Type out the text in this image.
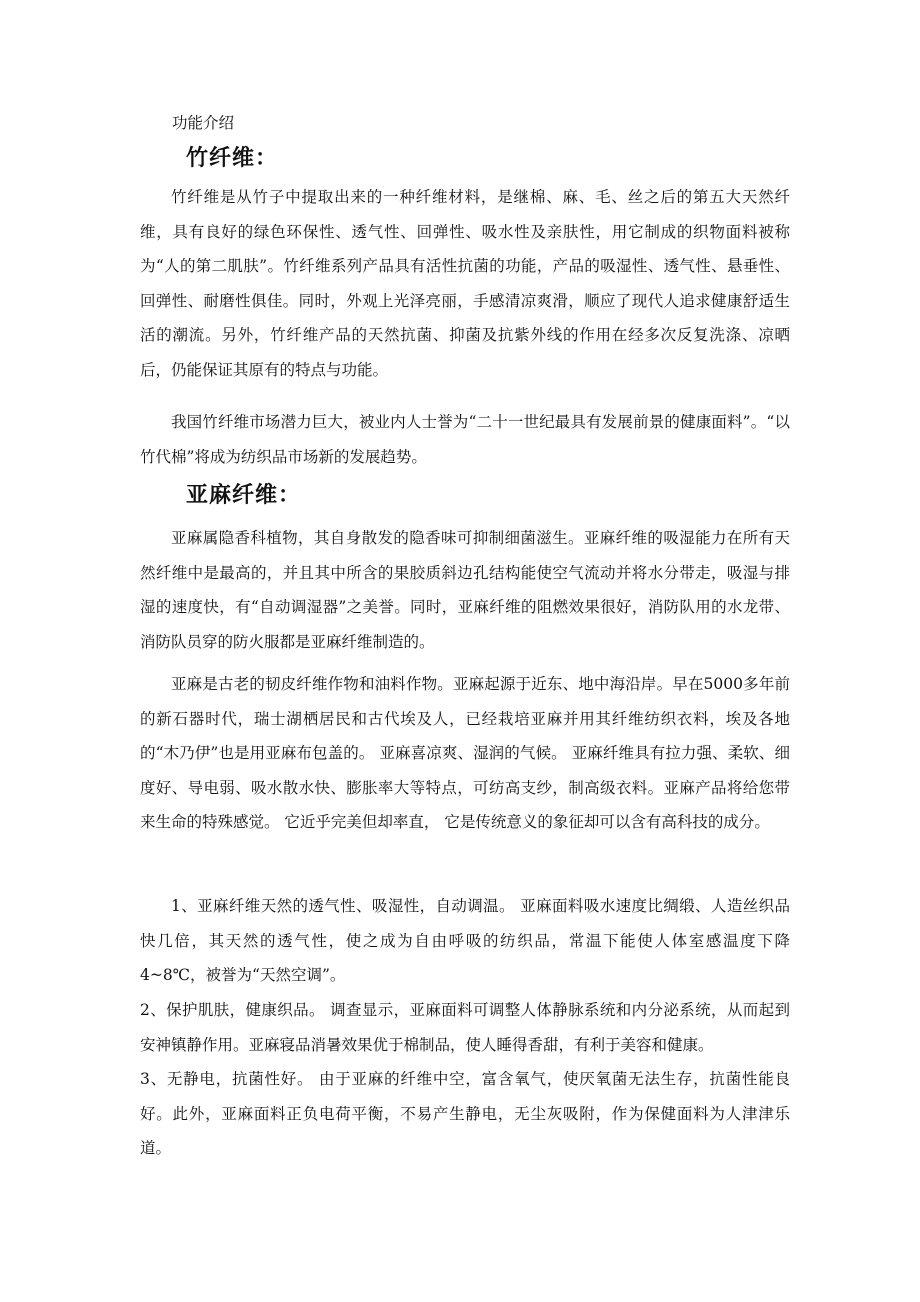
功能介绍
竹纤维：

竹纤维是从竹子中提取出来的一种纤维材料，是继棉、麻、毛、丝之后的第五大天然纤维，具有良好的绿色环保性、透气性、回弹性、吸水性及亲肤性，用它制成的织物面料被称为“人的第二肌肤”。竹纤维系列产品具有活性抗菌的功能，产品的吸湿性、透气性、悬垂性、回弹性、耐磨性俱佳。同时，外观上光泽亮丽，手感清凉爽滑，顺应了现代人追求健康舒适生活的潮流。另外，竹纤维产品的天然抗菌、抑菌及抗紫外线的作用在经多次反复洗涤、凉晒后，仍能保证其原有的特点与功能。

我国竹纤维市场潜力巨大，被业内人士誉为“二十一世纪最具有发展前景的健康面料”。“以竹代棉”将成为纺织品市场新的发展趋势。

亚麻纤维：

亚麻属隐香科植物，其自身散发的隐香味可抑制细菌滋生。亚麻纤维的吸湿能力在所有天然纤维中是最高的，并且其中所含的果胶质斜边孔结构能使空气流动并将水分带走，吸湿与排湿的速度快，有“自动调湿器”之美誉。同时，亚麻纤维的阻燃效果很好，消防队用的水龙带、消防队员穿的防火服都是亚麻纤维制造的。

亚麻是古老的韧皮纤维作物和油料作物。亚麻起源于近东、地中海沿岸。早在5000多年前的新石器时代，瑞士湖栖居民和古代埃及人，已经栽培亚麻并用其纤维纺织衣料，埃及各地的“木乃伊”也是用亚麻布包盖的。 亚麻喜凉爽、湿润的气候。 亚麻纤维具有拉力强、柔软、细度好、导电弱、吸水散水快、膨胀率大等特点，可纺高支纱，制高级衣料。亚麻产品将给您带来生命的特殊感觉。 它近乎完美但却率直， 它是传统意义的象征却可以含有高科技的成分。

1、亚麻纤维天然的透气性、吸湿性，自动调温。 亚麻面料吸水速度比绸缎、人造丝织品快几倍，其天然的透气性，使之成为自由呼吸的纺织品，常温下能使人体室感温度下降4~8℃，被誉为“天然空调”。

2、保护肌肤，健康织品。 调查显示，亚麻面料可调整人体静脉系统和内分泌系统，从而起到安神镇静作用。亚麻寝品消暑效果优于棉制品，使人睡得香甜，有利于美容和健康。

3、无静电，抗菌性好。 由于亚麻的纤维中空，富含氧气，使厌氧菌无法生存，抗菌性能良好。此外，亚麻面料正负电荷平衡，不易产生静电，无尘灰吸附，作为保健面料为人津津乐道。
